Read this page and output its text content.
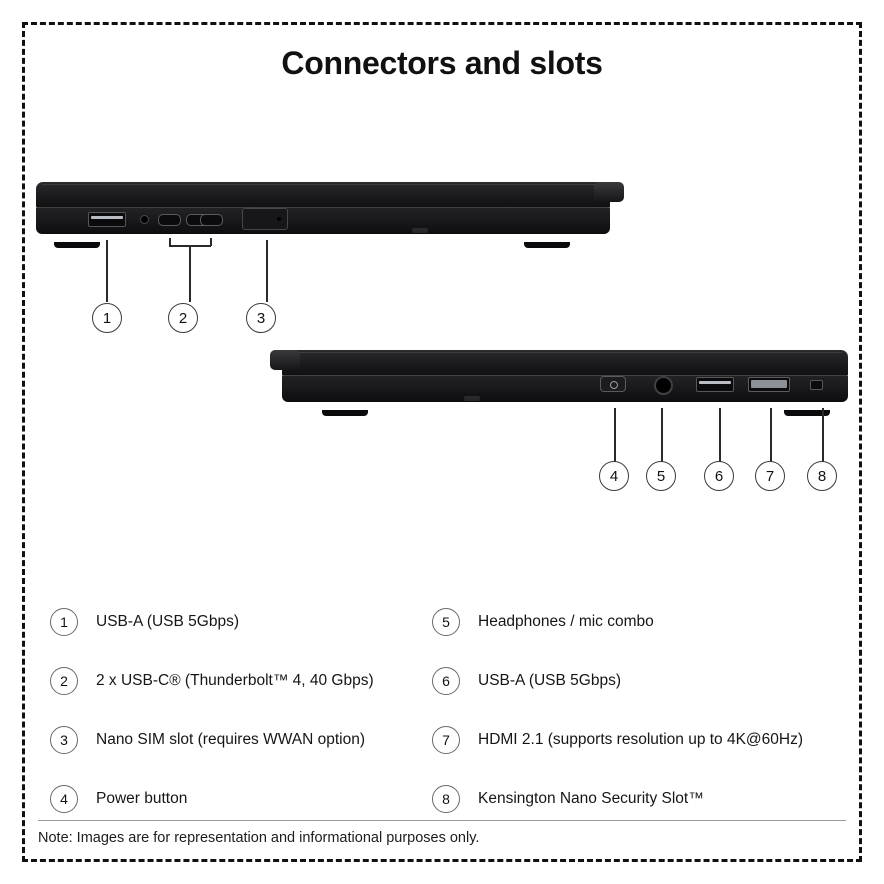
Connectors and slots
1	2	3
4	5	6	7	8
1	USB-A (USB 5Gbps)
2	2 x USB-C® (Thunderbolt™ 4, 40 Gbps)
3	Nano SIM slot (requires WWAN option)
4	Power button
5	Headphones / mic combo
6	USB-A (USB 5Gbps)
7	HDMI 2.1 (supports resolution up to 4K@60Hz)
8	Kensington Nano Security Slot™
Note: Images are for representation and informational purposes only.
